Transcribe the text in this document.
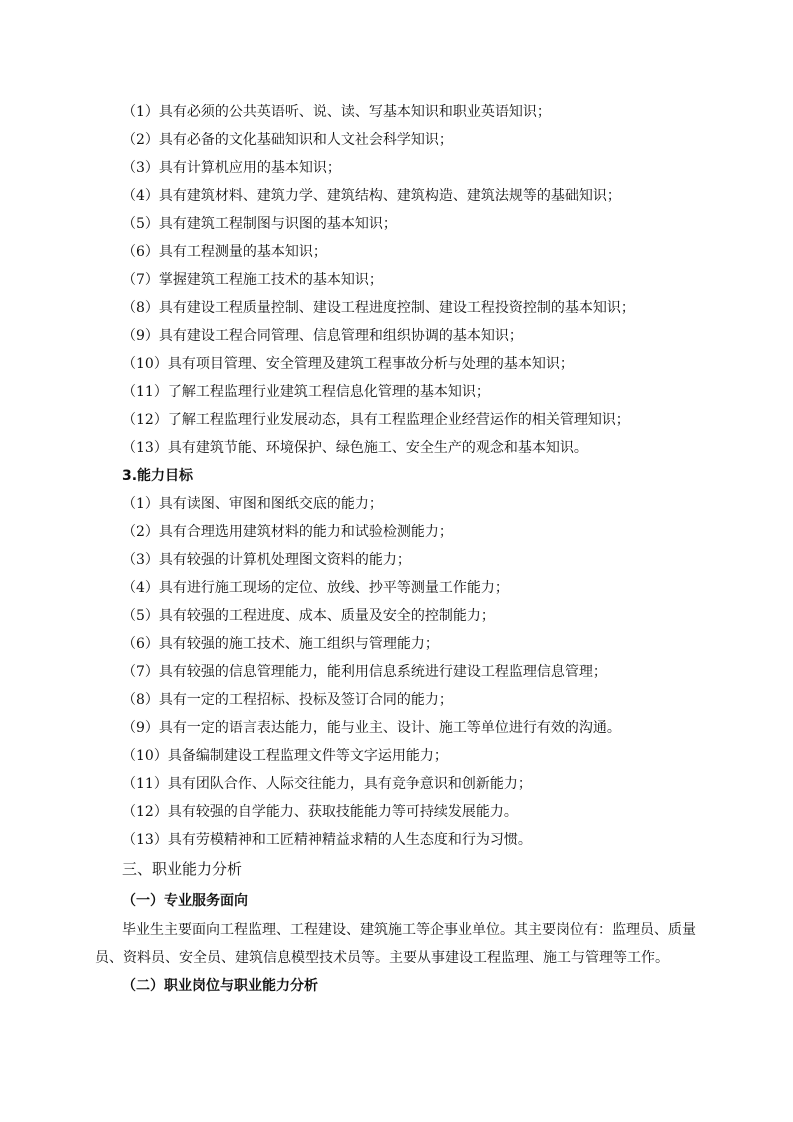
（1）具有必须的公共英语听、说、读、写基本知识和职业英语知识；
（2）具有必备的文化基础知识和人文社会科学知识；
（3）具有计算机应用的基本知识；
（4）具有建筑材料、建筑力学、建筑结构、建筑构造、建筑法规等的基础知识；
（5）具有建筑工程制图与识图的基本知识；
（6）具有工程测量的基本知识；
（7）掌握建筑工程施工技术的基本知识；
（8）具有建设工程质量控制、建设工程进度控制、建设工程投资控制的基本知识；
（9）具有建设工程合同管理、信息管理和组织协调的基本知识；
（10）具有项目管理、安全管理及建筑工程事故分析与处理的基本知识；
（11）了解工程监理行业建筑工程信息化管理的基本知识；
（12）了解工程监理行业发展动态，具有工程监理企业经营运作的相关管理知识；
（13）具有建筑节能、环境保护、绿色施工、安全生产的观念和基本知识。
3.能力目标
（1）具有读图、审图和图纸交底的能力；
（2）具有合理选用建筑材料的能力和试验检测能力；
（3）具有较强的计算机处理图文资料的能力；
（4）具有进行施工现场的定位、放线、抄平等测量工作能力；
（5）具有较强的工程进度、成本、质量及安全的控制能力；
（6）具有较强的施工技术、施工组织与管理能力；
（7）具有较强的信息管理能力，能利用信息系统进行建设工程监理信息管理；
（8）具有一定的工程招标、投标及签订合同的能力；
（9）具有一定的语言表达能力，能与业主、设计、施工等单位进行有效的沟通。
（10）具备编制建设工程监理文件等文字运用能力；
（11）具有团队合作、人际交往能力，具有竞争意识和创新能力；
（12）具有较强的自学能力、获取技能能力等可持续发展能力。
（13）具有劳模精神和工匠精神精益求精的人生态度和行为习惯。
三、职业能力分析
（一）专业服务面向
毕业生主要面向工程监理、工程建设、建筑施工等企事业单位。其主要岗位有：监理员、质量
员、资料员、安全员、建筑信息模型技术员等。主要从事建设工程监理、施工与管理等工作。
（二）职业岗位与职业能力分析
